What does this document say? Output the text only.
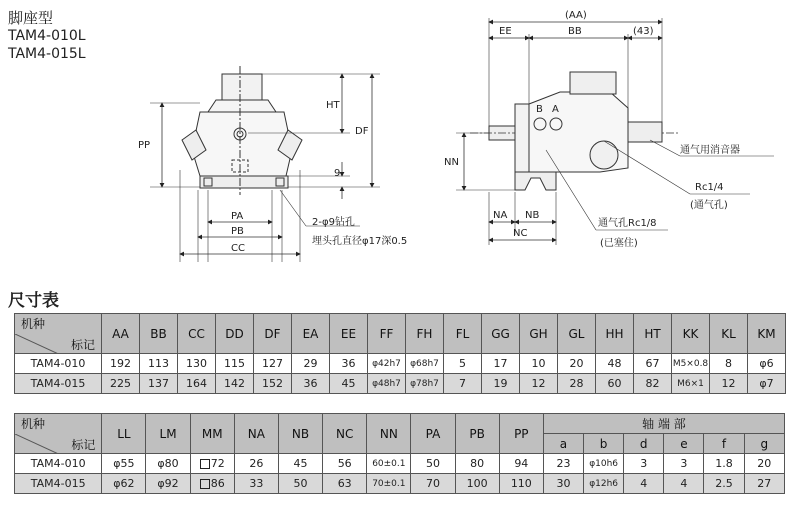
脚座型

TAM4-010L
TAM4-015L
HT
DF
PP
9
PA
PB
CC
2-φ9钻孔
埋头孔直径φ17深0.5
(AA)
EE	BB	(43)
B A
NN
NA NB
NC
通气用消音器
Rc1/4
(通气孔)
通气孔Rc1/8
(已塞住)
尺寸表
标记
机种	AA	BB	CC	DD	DF	EA	EE	FF	FH	FL	GG	GH	GL	HH	HT	KK	KL	KM
TAM4-010	192	113	130	115	127	29	36	φ42h7	φ68h7	5	17	10	20	48	67	M5×0.8	8	φ6
TAM4-015	225	137	164	142	152	36	45	φ48h7	φ78h7	7	19	12	28	60	82	M6×1	12	φ7
标记
机种	LL	LM	MM	NA	NB	NC	NN	PA	PB	PP	轴 端 部					
											a	b	d	e	f	g
TAM4-010	φ55	φ80	72	26	45	56	60±0.1	50	80	94	23	φ10h6	3	3	1.8	20
TAM4-015	φ62	φ92	86	33	50	63	70±0.1	70	100	110	30	φ12h6	4	4	2.5	27
